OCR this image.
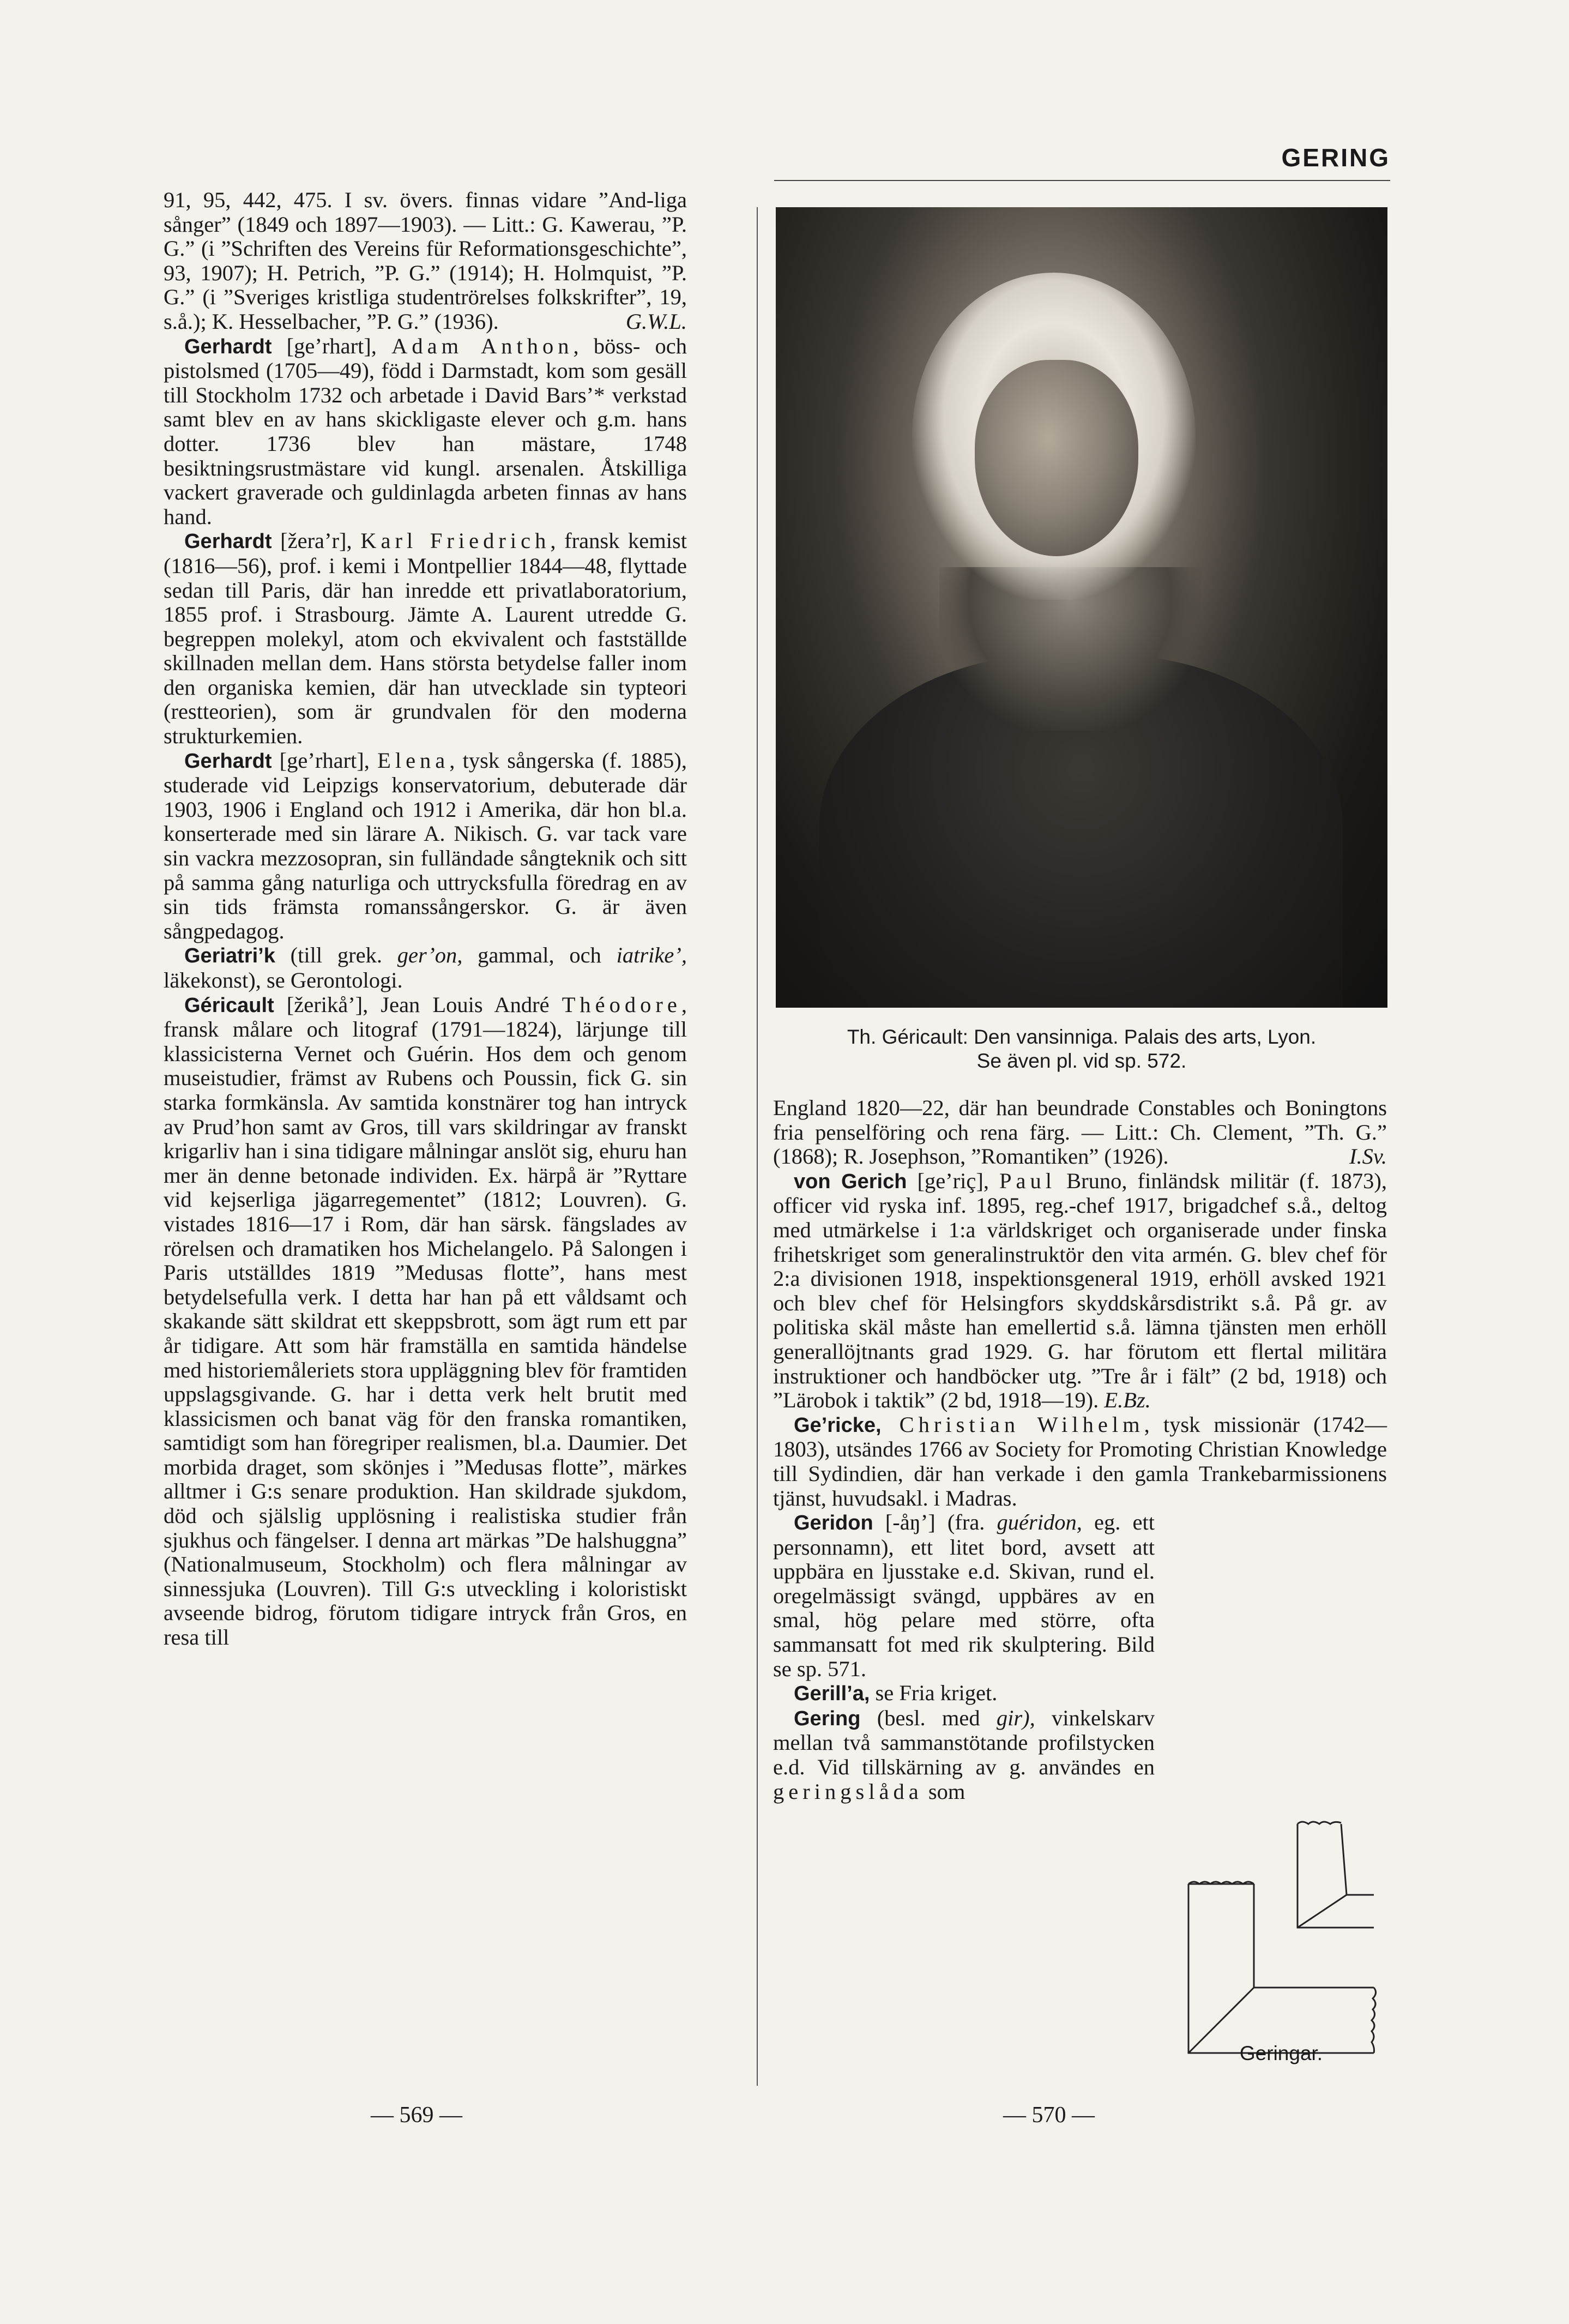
GERING

91, 95, 442, 475. I sv. övers. finnas vidare ”And-liga sånger” (1849 och 1897—1903). — Litt.: G. Kawerau, ”P. G.” (i ”Schriften des Vereins für Reformationsgeschichte”, 93, 1907); H. Petrich, ”P. G.” (1914); H. Holmquist, ”P. G.” (i ”Sveriges kristliga studentrörelses folkskrifter”, 19, s.å.); K. Hesselbacher, ”P. G.” (1936).	G.W.L.

Gerhardt [ge’rhart], Adam Anthon, böss- och pistolsmed (1705—49), född i Darmstadt, kom som gesäll till Stockholm 1732 och arbetade i David Bars’* verkstad samt blev en av hans skickligaste elever och g.m. hans dotter. 1736 blev han mästare, 1748 besiktningsrustmästare vid kungl. arsenalen. Åtskilliga vackert graverade och guldinlagda arbeten finnas av hans hand.

Gerhardt [žera’r], Karl Friedrich, fransk kemist (1816—56), prof. i kemi i Montpellier 1844—48, flyttade sedan till Paris, där han inredde ett privatlaboratorium, 1855 prof. i Strasbourg. Jämte A. Laurent utredde G. begreppen molekyl, atom och ekvivalent och fastställde skillnaden mellan dem. Hans största betydelse faller inom den organiska kemien, där han utvecklade sin typteori (restteorien), som är grundvalen för den moderna strukturkemien.

Gerhardt [ge’rhart], Elena, tysk sångerska (f. 1885), studerade vid Leipzigs konservatorium, debuterade där 1903, 1906 i England och 1912 i Amerika, där hon bl.a. konserterade med sin lärare A. Nikisch. G. var tack vare sin vackra mezzosopran, sin fulländade sångteknik och sitt på samma gång naturliga och uttrycksfulla föredrag en av sin tids främsta romanssångerskor. G. är även sångpedagog.

Geriatri’k (till grek. ger’on, gammal, och iatrike’, läkekonst), se Gerontologi.

Géricault [žerikå’], Jean Louis André Théodore, fransk målare och litograf (1791—1824), lärjunge till klassicisterna Vernet och Guérin. Hos dem och genom museistudier, främst av Rubens och Poussin, fick G. sin starka formkänsla. Av samtida konstnärer tog han intryck av Prud’hon samt av Gros, till vars skildringar av franskt krigarliv han i sina tidigare målningar anslöt sig, ehuru han mer än denne betonade individen. Ex. härpå är ”Ryttare vid kejserliga jägarregementet” (1812; Louvren). G. vistades 1816—17 i Rom, där han särsk. fängslades av rörelsen och dramatiken hos Michelangelo. På Salongen i Paris utställdes 1819 ”Medusas flotte”, hans mest betydelsefulla verk. I detta har han på ett våldsamt och skakande sätt skildrat ett skeppsbrott, som ägt rum ett par år tidigare. Att som här framställa en samtida händelse med historiemåleriets stora uppläggning blev för framtiden uppslagsgivande. G. har i detta verk helt brutit med klassicismen och banat väg för den franska romantiken, samtidigt som han föregriper realismen, bl.a. Daumier. Det morbida draget, som skönjes i ”Medusas flotte”, märkes alltmer i G:s senare produktion. Han skildrade sjukdom, död och själslig upplösning i realistiska studier från sjukhus och fängelser. I denna art märkas ”De halshuggna” (Nationalmuseum, Stockholm) och flera målningar av sinnessjuka (Louvren). Till G:s utveckling i koloristiskt avseende bidrog, förutom tidigare intryck från Gros, en resa till

Th. Géricault: Den vansinniga. Palais des arts, Lyon.
Se även pl. vid sp. 572.

England 1820—22, där han beundrade Constables och Boningtons fria penselföring och rena färg. — Litt.: Ch. Clement, ”Th. G.” (1868); R. Josephson, ”Romantiken” (1926).	I.Sv.

von Gerich [ge’riç], Paul Bruno, finländsk militär (f. 1873), officer vid ryska inf. 1895, reg.-chef 1917, brigadchef s.å., deltog med utmärkelse i 1:a världskriget och organiserade under finska frihetskriget som generalinstruktör den vita armén. G. blev chef för 2:a divisionen 1918, inspektionsgeneral 1919, erhöll avsked 1921 och blev chef för Helsingfors skyddskårsdistrikt s.å. På gr. av politiska skäl måste han emellertid s.å. lämna tjänsten men erhöll generallöjtnants grad 1929. G. har förutom ett flertal militära instruktioner och handböcker utg. ”Tre år i fält” (2 bd, 1918) och ”Lärobok i taktik” (2 bd, 1918—19). E.Bz.

Ge’ricke, Christian Wilhelm, tysk missionär (1742—1803), utsändes 1766 av Society for Promoting Christian Knowledge till Sydindien, där han verkade i den gamla Trankebarmissionens tjänst, huvudsakl. i Madras.

Geridon [-åŋ’] (fra. guéridon, eg. ett personnamn), ett litet bord, avsett att uppbära en ljusstake e.d. Skivan, rund el. oregelmässigt svängd, uppbäres av en smal, hög pelare med större, ofta sammansatt fot med rik skulptering. Bild se sp. 571.

Gerill’a, se Fria kriget.

Gering (besl. med gir), vinkelskarv mellan två sammanstötande profilstycken e.d. Vid tillskärning av g. användes en geringslåda som

Geringar.
— 569 —	— 570 —
